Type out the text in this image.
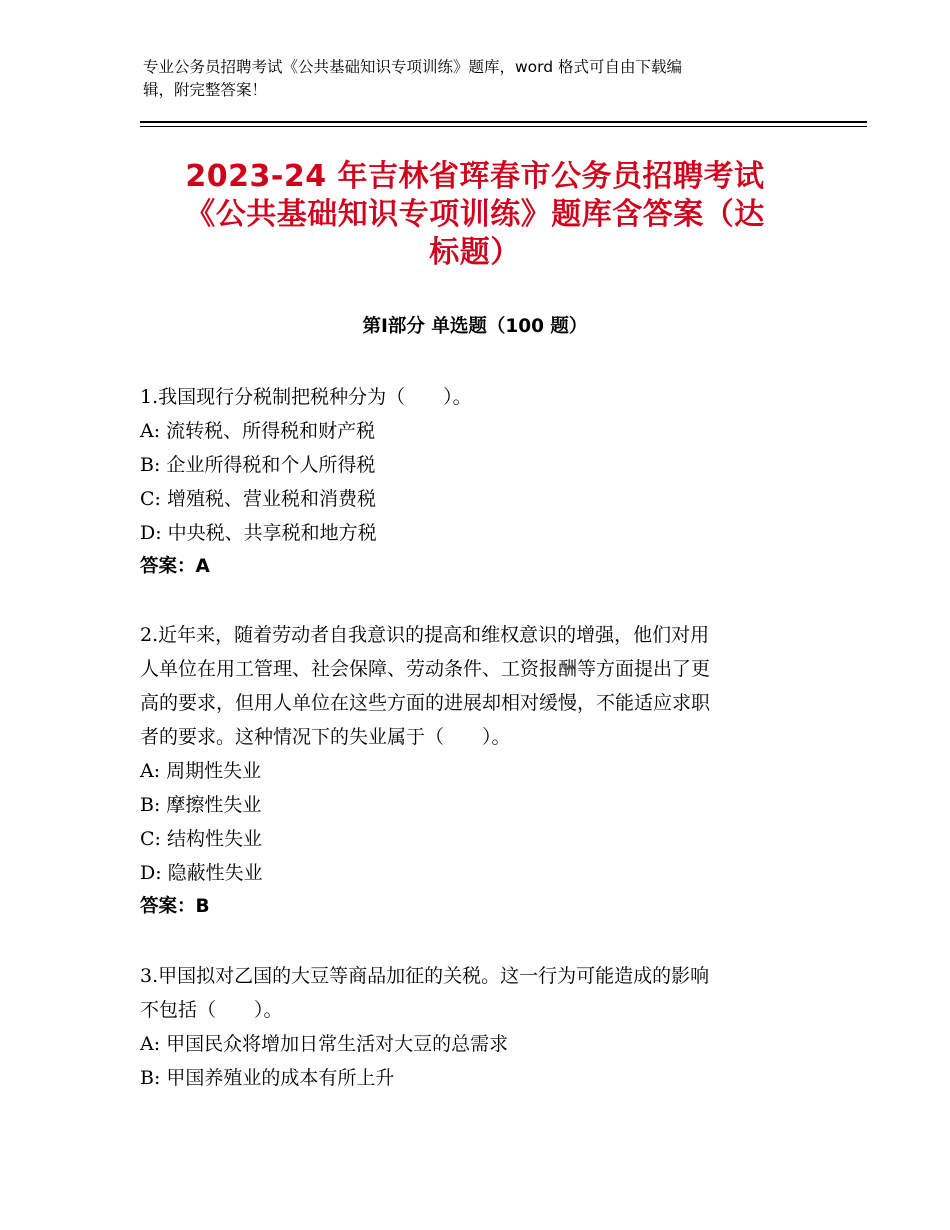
专业公务员招聘考试《公共基础知识专项训练》题库，word 格式可自由下载编
辑，附完整答案！
2023-24 年吉林省珲春市公务员招聘考试
《公共基础知识专项训练》题库含答案（达
标题）
第Ⅰ部分 单选题（100 题）
1.我国现行分税制把税种分为（　　）。
A: 流转税、所得税和财产税
B: 企业所得税和个人所得税
C: 增殖税、营业税和消费税
D: 中央税、共享税和地方税
答案：A
2.近年来，随着劳动者自我意识的提高和维权意识的增强，他们对用
人单位在用工管理、社会保障、劳动条件、工资报酬等方面提出了更
高的要求，但用人单位在这些方面的进展却相对缓慢，不能适应求职
者的要求。这种情况下的失业属于（　　）。
A: 周期性失业
B: 摩擦性失业
C: 结构性失业
D: 隐蔽性失业
答案：B
3.甲国拟对乙国的大豆等商品加征的关税。这一行为可能造成的影响
不包括（　　）。
A: 甲国民众将增加日常生活对大豆的总需求
B: 甲国养殖业的成本有所上升
